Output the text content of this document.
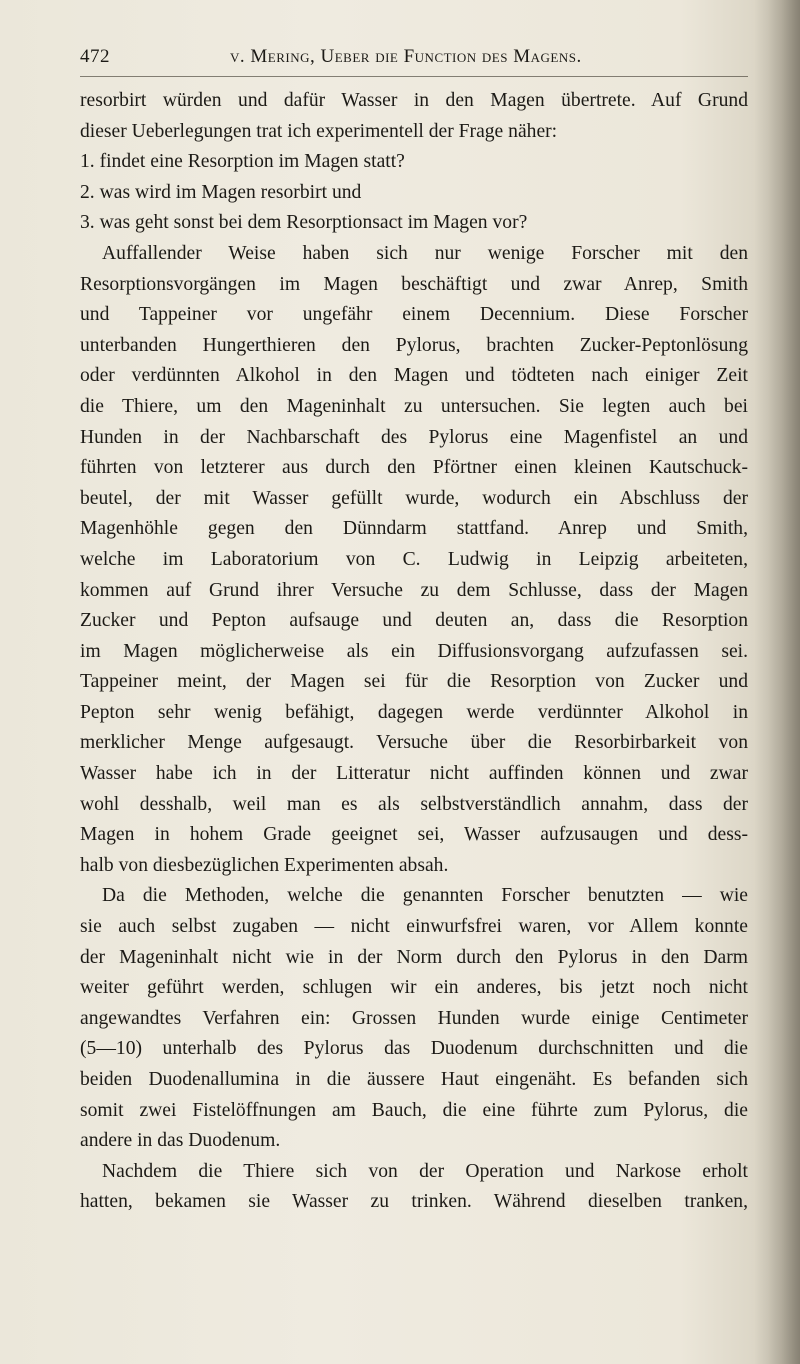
472	v. Mering, Ueber die Function des Magens.

resorbirt würden und dafür Wasser in den Magen übertrete. Auf Grund

dieser Ueberlegungen trat ich experimentell der Frage näher:

1. findet eine Resorption im Magen statt?

2. was wird im Magen resorbirt und

3. was geht sonst bei dem Resorptionsact im Magen vor?

Auffallender Weise haben sich nur wenige Forscher mit den

Resorptionsvorgängen im Magen beschäftigt und zwar Anrep, Smith

und Tappeiner vor ungefähr einem Decennium. Diese Forscher

unterbanden Hungerthieren den Pylorus, brachten Zucker-Peptonlösung

oder verdünnten Alkohol in den Magen und tödteten nach einiger Zeit

die Thiere, um den Mageninhalt zu untersuchen. Sie legten auch bei

Hunden in der Nachbarschaft des Pylorus eine Magenfistel an und

führten von letzterer aus durch den Pförtner einen kleinen Kautschuck-

beutel, der mit Wasser gefüllt wurde, wodurch ein Abschluss der

Magenhöhle gegen den Dünndarm stattfand. Anrep und Smith,

welche im Laboratorium von C. Ludwig in Leipzig arbeiteten,

kommen auf Grund ihrer Versuche zu dem Schlusse, dass der Magen

Zucker und Pepton aufsauge und deuten an, dass die Resorption

im Magen möglicherweise als ein Diffusionsvorgang aufzufassen sei.

Tappeiner meint, der Magen sei für die Resorption von Zucker und

Pepton sehr wenig befähigt, dagegen werde verdünnter Alkohol in

merklicher Menge aufgesaugt. Versuche über die Resorbirbarkeit von

Wasser habe ich in der Litteratur nicht auffinden können und zwar

wohl desshalb, weil man es als selbstverständlich annahm, dass der

Magen in hohem Grade geeignet sei, Wasser aufzusaugen und dess-

halb von diesbezüglichen Experimenten absah.

Da die Methoden, welche die genannten Forscher benutzten — wie

sie auch selbst zugaben — nicht einwurfsfrei waren, vor Allem konnte

der Mageninhalt nicht wie in der Norm durch den Pylorus in den Darm

weiter geführt werden, schlugen wir ein anderes, bis jetzt noch nicht

angewandtes Verfahren ein: Grossen Hunden wurde einige Centimeter

(5—10) unterhalb des Pylorus das Duodenum durchschnitten und die

beiden Duodenallumina in die äussere Haut eingenäht. Es befanden sich

somit zwei Fistelöffnungen am Bauch, die eine führte zum Pylorus, die

andere in das Duodenum.

Nachdem die Thiere sich von der Operation und Narkose erholt

hatten, bekamen sie Wasser zu trinken. Während dieselben tranken,
